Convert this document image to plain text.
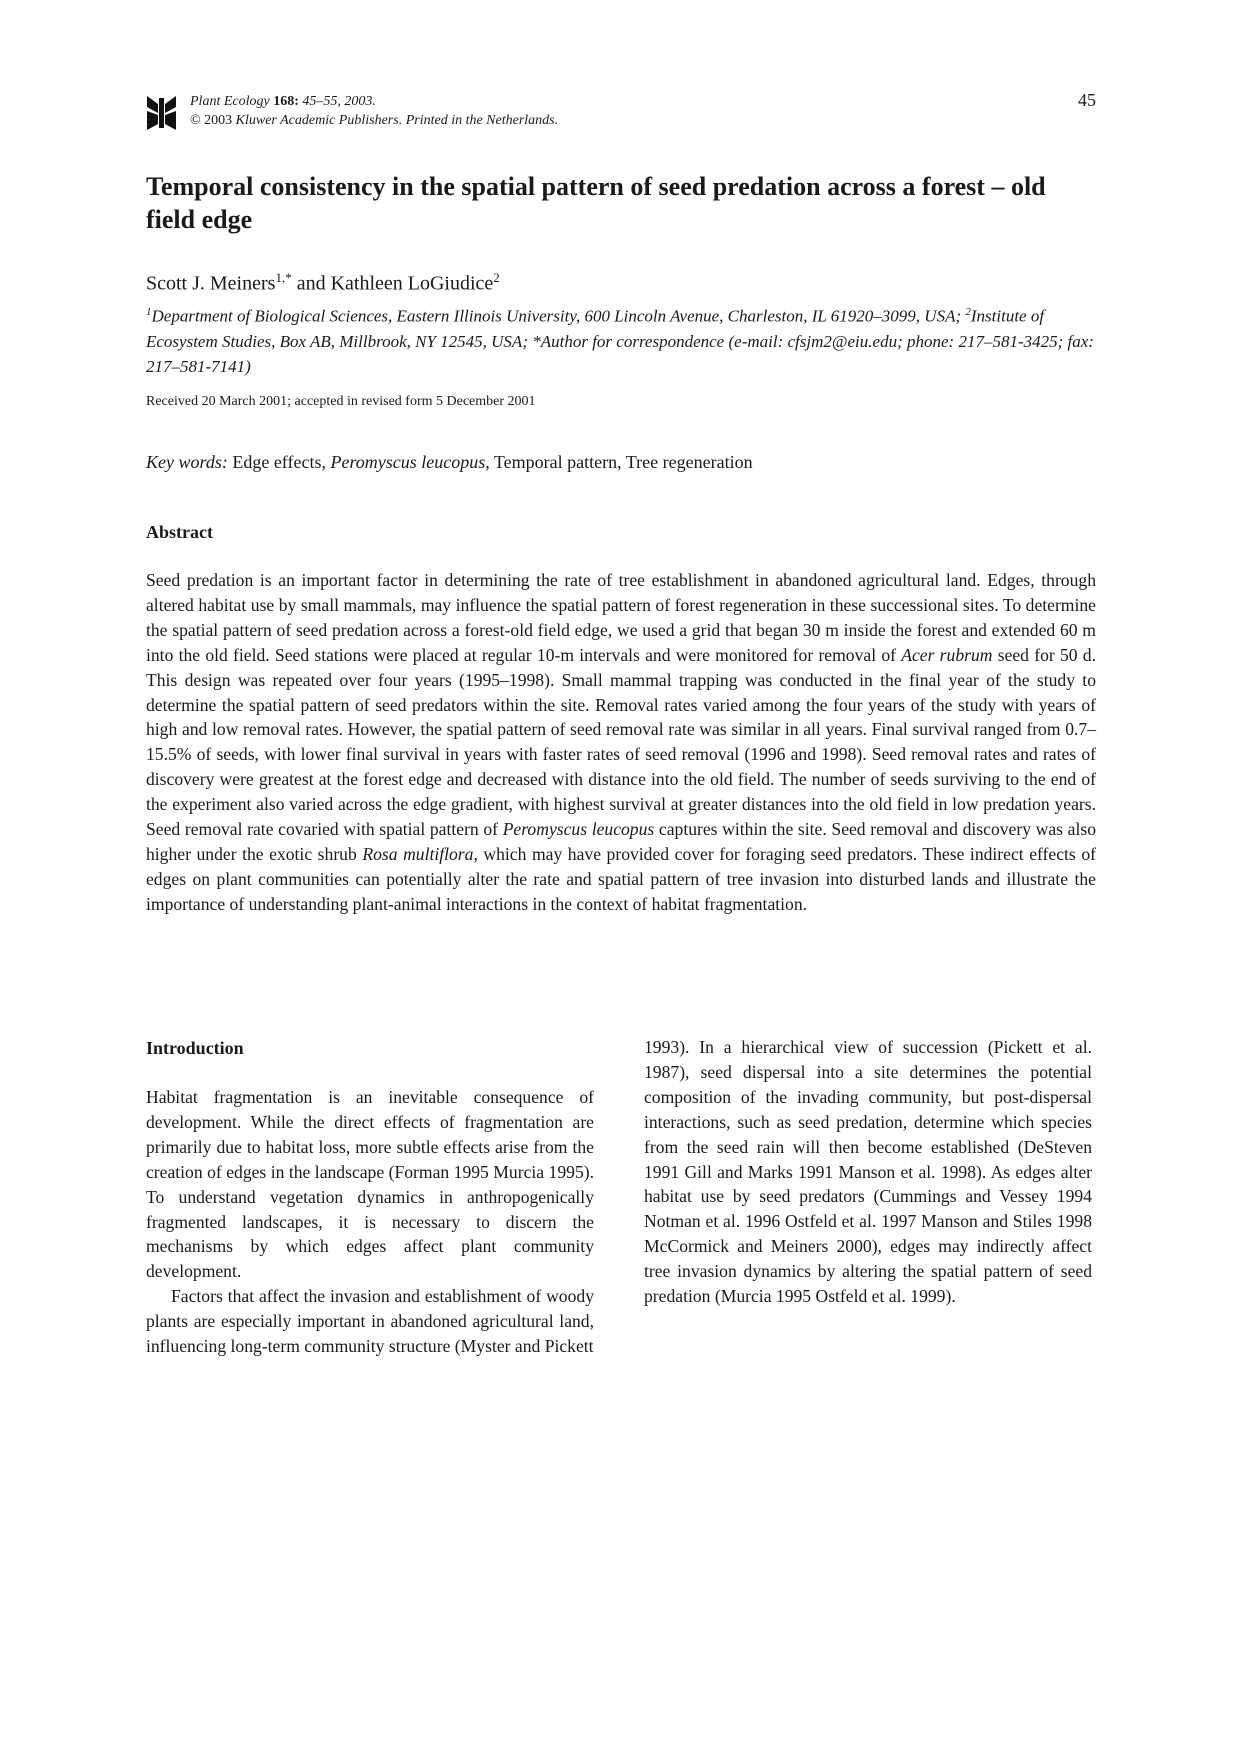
Plant Ecology 168: 45–55, 2003.
© 2003 Kluwer Academic Publishers. Printed in the Netherlands.
45
Temporal consistency in the spatial pattern of seed predation across a forest – old field edge
Scott J. Meiners$^{1,*}$ and Kathleen LoGiudice$^2$
$^1$Department of Biological Sciences, Eastern Illinois University, 600 Lincoln Avenue, Charleston, IL 61920–3099, USA; $^2$Institute of Ecosystem Studies, Box AB, Millbrook, NY 12545, USA; *Author for correspondence (e-mail: cfsjm2@eiu.edu; phone: 217–581-3425; fax: 217–581-7141)
Received 20 March 2001; accepted in revised form 5 December 2001
Key words: Edge effects, Peromyscus leucopus, Temporal pattern, Tree regeneration
Abstract

Seed predation is an important factor in determining the rate of tree establishment in abandoned agricultural land. Edges, through altered habitat use by small mammals, may influence the spatial pattern of forest regeneration in these successional sites. To determine the spatial pattern of seed predation across a forest-old field edge, we used a grid that began 30 m inside the forest and extended 60 m into the old field. Seed stations were placed at regular 10-m intervals and were monitored for removal of Acer rubrum seed for 50 d. This design was repeated over four years (1995–1998). Small mammal trapping was conducted in the final year of the study to determine the spatial pattern of seed predators within the site. Removal rates varied among the four years of the study with years of high and low removal rates. However, the spatial pattern of seed removal rate was similar in all years. Final survival ranged from 0.7–15.5% of seeds, with lower final survival in years with faster rates of seed removal (1996 and 1998). Seed removal rates and rates of discovery were greatest at the forest edge and decreased with distance into the old field. The number of seeds surviving to the end of the experiment also varied across the edge gradient, with highest survival at greater distances into the old field in low predation years. Seed removal rate covaried with spatial pattern of Peromyscus leucopus captures within the site. Seed removal and discovery was also higher under the exotic shrub Rosa multiflora, which may have provided cover for foraging seed predators. These indirect effects of edges on plant communities can potentially alter the rate and spatial pattern of tree invasion into disturbed lands and illustrate the importance of understanding plant-animal interactions in the context of habitat fragmentation.

Introduction

Habitat fragmentation is an inevitable consequence of development. While the direct effects of fragmentation are primarily due to habitat loss, more subtle effects arise from the creation of edges in the landscape (Forman 1995 Murcia 1995). To understand vegetation dynamics in anthropogenically fragmented landscapes, it is necessary to discern the mechanisms by which edges affect plant community development.

Factors that affect the invasion and establishment of woody plants are especially important in abandoned agricultural land, influencing long-term community structure (Myster and Pickett

1993). In a hierarchical view of succession (Pickett et al. 1987), seed dispersal into a site determines the potential composition of the invading community, but post-dispersal interactions, such as seed predation, determine which species from the seed rain will then become established (DeSteven 1991 Gill and Marks 1991 Manson et al. 1998). As edges alter habitat use by seed predators (Cummings and Vessey 1994 Notman et al. 1996 Ostfeld et al. 1997 Manson and Stiles 1998 McCormick and Meiners 2000), edges may indirectly affect tree invasion dynamics by altering the spatial pattern of seed predation (Murcia 1995 Ostfeld et al. 1999).
